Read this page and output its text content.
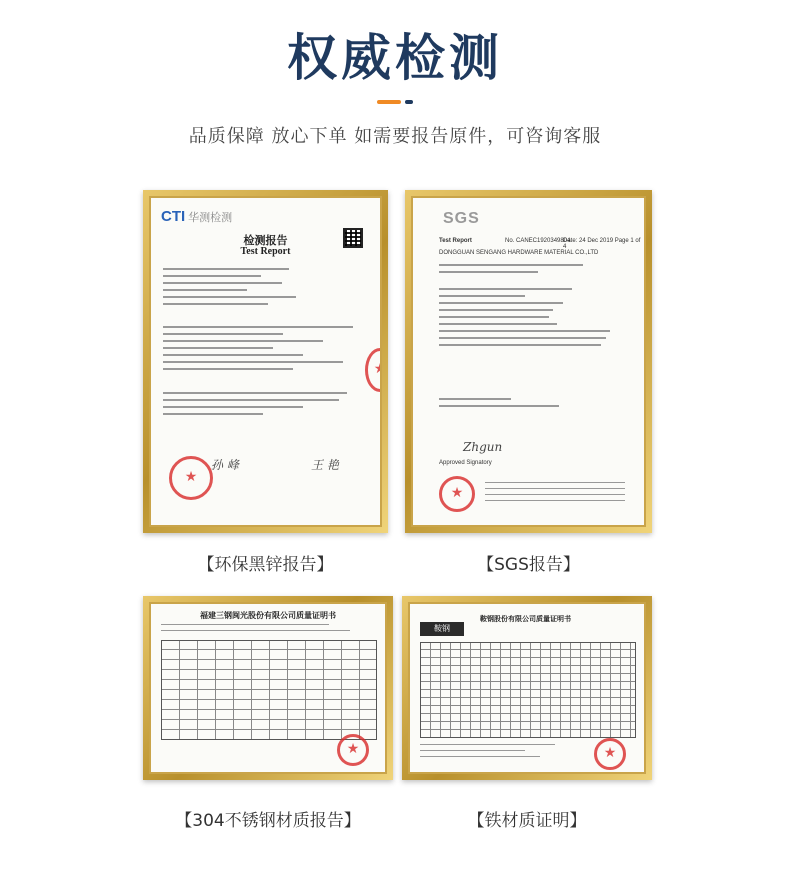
权威检测
品质保障 放心下单 如需要报告原件，可咨询客服
CTI 华测检测
检测报告
Test Report
★
★
孙 峰	王 艳
【环保黑锌报告】
SGS
Test Report	No. CANEC1920349804
Date: 24 Dec 2019 Page 1 of 4
DONGGUAN SENGANG HARDWARE MATERIAL CO.,LTD
Zhgun
Approved Signatory
★
【SGS报告】
福建三钢闽光股份有限公司质量证明书
★
【304不锈钢材质报告】
鞍钢
鞍钢股份有限公司质量证明书
★
【铁材质证明】
